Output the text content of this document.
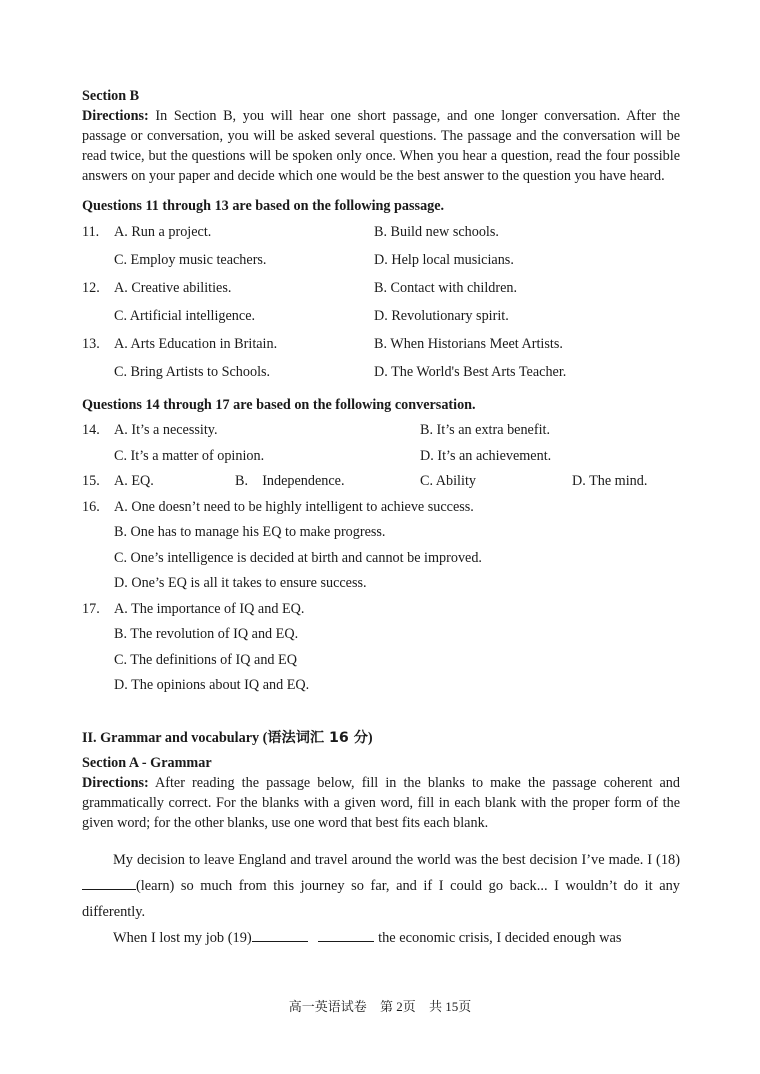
Section B
Directions: In Section B, you will hear one short passage, and one longer conversation. After the passage or conversation, you will be asked several questions. The passage and the conversation will be read twice, but the questions will be spoken only once. When you hear a question, read the four possible answers on your paper and decide which one would be the best answer to the question you have heard.
Questions 11 through 13 are based on the following passage.
11. A. Run a project.	B. Build new schools.
C. Employ music teachers.	D. Help local musicians.
12. A. Creative abilities.	B. Contact with children.
C. Artificial intelligence.	D. Revolutionary spirit.
13. A. Arts Education in Britain.	B. When Historians Meet Artists.
C. Bring Artists to Schools.	D. The World's Best Arts Teacher.
Questions 14 through 17 are based on the following conversation.
14. A. It’s a necessity.	B. It’s an extra benefit.
C. It’s a matter of opinion.	D. It’s an achievement.
15. A. EQ.	B.    Independence.	C. Ability	D. The mind.
16. A. One doesn’t need to be highly intelligent to achieve success.
B. One has to manage his EQ to make progress.
C. One’s intelligence is decided at birth and cannot be improved.
D. One’s EQ is all it takes to ensure success.
17. A. The importance of IQ and EQ.
B. The revolution of IQ and EQ.
C. The definitions of IQ and EQ
D. The opinions about IQ and EQ.
II. Grammar and vocabulary (语法词汇 16 分)
Section A - Grammar
Directions: After reading the passage below, fill in the blanks to make the passage coherent and grammatically correct. For the blanks with a given word, fill in each blank with the proper form of the given word; for the other blanks, use one word that best fits each blank.
My decision to leave England and travel around the world was the best decision I’ve made. I (18)(learn) so much from this journey so far, and if I could go back... I wouldn’t do it any differently.
When I lost my job (19)	the economic crisis, I decided enough was
高一英语试卷 第 2页 共 15页
